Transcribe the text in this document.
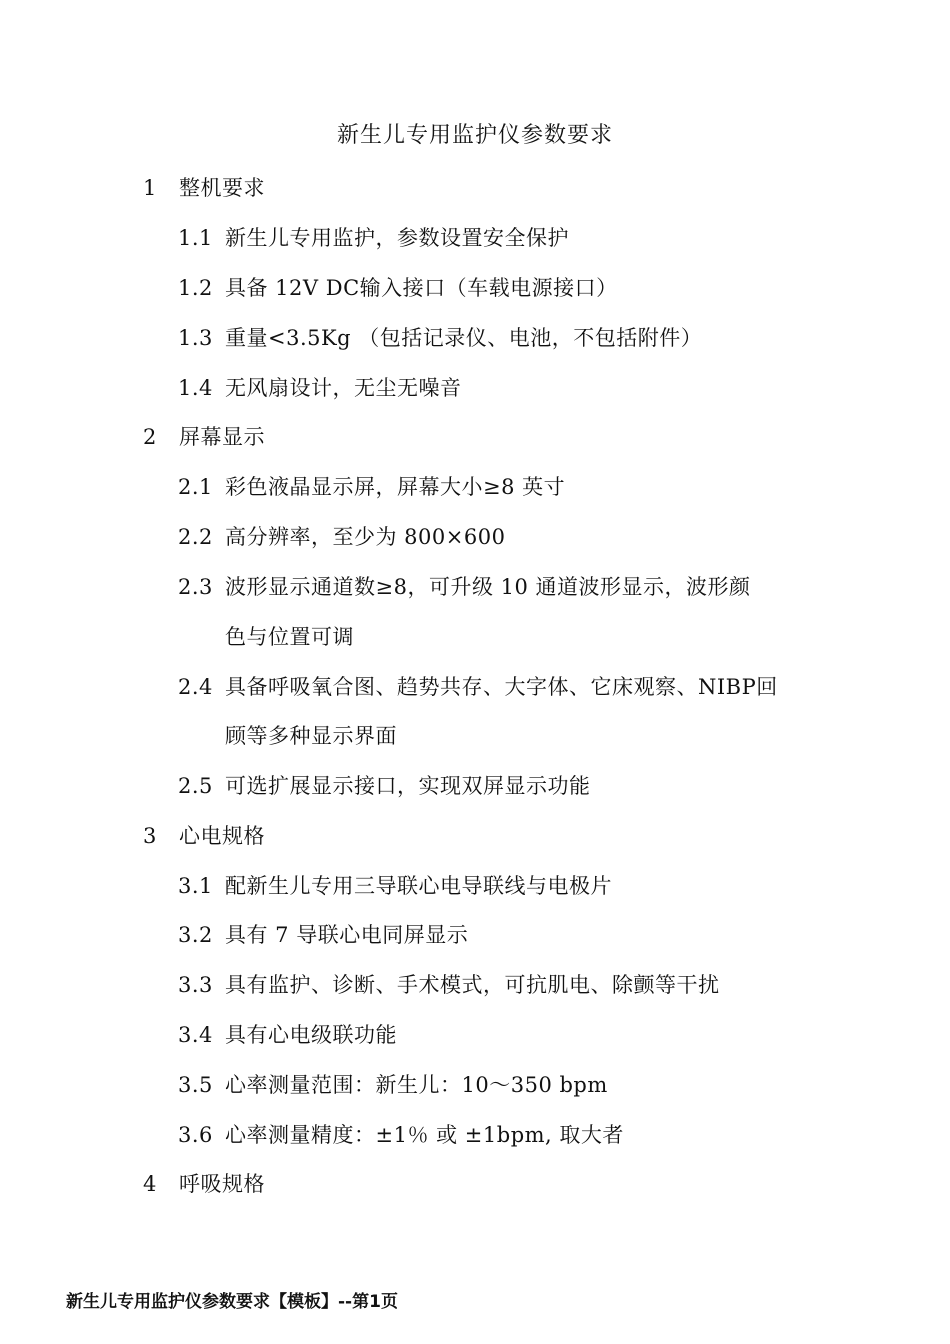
新生儿专用监护仪参数要求
1 整机要求
1.1 新生儿专用监护，参数设置安全保护
1.2 具备 12V DC输入接口（车载电源接口）
1.3 重量<3.5Kg （包括记录仪、电池，不包括附件）
1.4 无风扇设计，无尘无噪音
2 屏幕显示
2.1 彩色液晶显示屏，屏幕大小≥8 英寸
2.2 高分辨率，至少为 800×600
2.3 波形显示通道数≥8，可升级 10 通道波形显示，波形颜
色与位置可调
2.4 具备呼吸氧合图、趋势共存、大字体、它床观察、NIBP回
顾等多种显示界面
2.5 可选扩展显示接口，实现双屏显示功能
3 心电规格
3.1 配新生儿专用三导联心电导联线与电极片
3.2 具有 7 导联心电同屏显示
3.3 具有监护、诊断、手术模式，可抗肌电、除颤等干扰
3.4 具有心电级联功能
3.5 心率测量范围：新生儿：10～350 bpm
3.6 心率测量精度：±1％ 或 ±1bpm, 取大者
4 呼吸规格
新生儿专用监护仪参数要求【模板】--第1页
